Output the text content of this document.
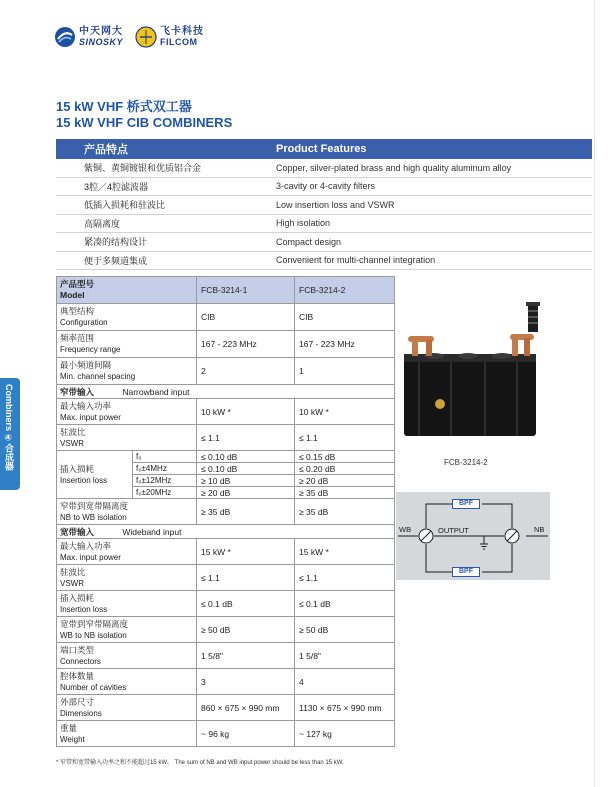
中天网大
SINOSKY
飞卡科技
FILCOM
Combiners ④合成器
15 kW VHF 桥式双工器
15 kW VHF CIB COMBINERS
产品特点	Product Features
紫铜、黄铜镀银和优质铝合金	Copper, silver-plated brass and high quality aluminum alloy
3腔／4腔滤波器	3-cavity or 4-cavity filters
低插入损耗和驻波比	Low insertion loss and VSWR
高隔离度	High isolation
紧凑的结构设计	Compact design
便于多频道集成	Convenient for multi-channel integration
产品型号
Model		FCB-3214-1	FCB-3214-2
典型结构
Configuration		CIB	CIB
频率范围
Frequency range		167 - 223 MHz	167 - 223 MHz
最小频道间隔
Min. channel spacing		2	1
窄带输入 Narrowband input			
最大输入功率
Max. input power		10 kW *	10 kW *
驻波比
VSWR		≤ 1.1	≤ 1.1
插入损耗
Insertion loss	f₀	≤ 0.10 dB	≤ 0.15 dB
	f₀±4MHz	≤ 0.10 dB	≤ 0.20 dB
	f₀±12MHz	≥ 10 dB	≥ 20 dB
	f₀±20MHz	≥ 20 dB	≥ 35 dB
窄带到宽带隔离度
NB to WB isolation		≥ 35 dB	≥ 35 dB
宽带输入 Wideband input			
最大输入功率
Max. input power		15 kW *	15 kW *
驻波比
VSWR		≤ 1.1	≤ 1.1
插入损耗
Insertion loss		≤ 0.1 dB	≤ 0.1 dB
宽带到窄带隔离度
WB to NB isolation		≥ 50 dB	≥ 50 dB
端口类型
Connectors		1 5/8"	1 5/8"
腔体数量
Number of cavities		3	4
外部尺寸
Dimensions		860 × 675 × 990 mm	1130 × 675 × 990 mm
重量
Weight		~ 96 kg	~ 127 kg
FCB-3214-2
BPF
BPF
WB	NB
OUTPUT
* 窄带和宽带输入功率之和不能超过15 kW。 The sum of NB and WB input power should be less than 15 kW.
